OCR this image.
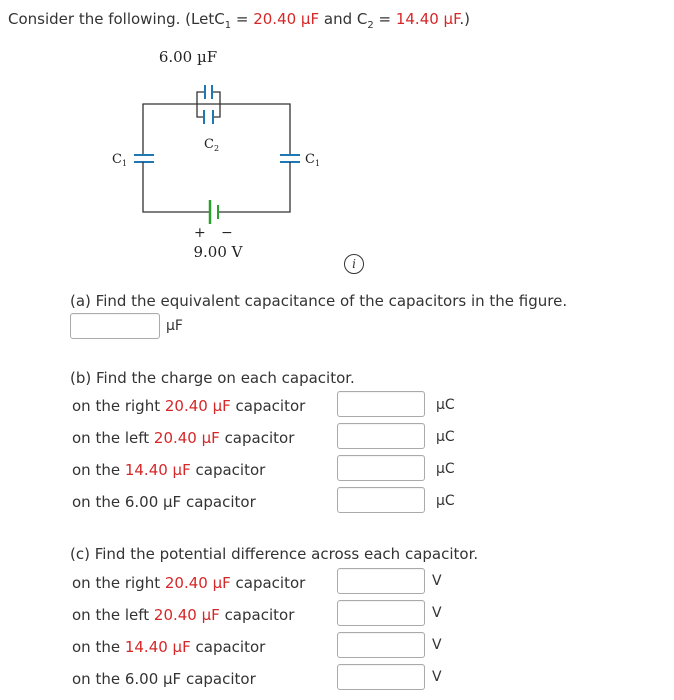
Consider the following. (LetC$_1$ = 20.40 µF and $C_2 = 14.40$ µF.)
6.00 µF
$C_2$
$C_1$	$C_1$
+ −
9.00 V
i
(a) Find the equivalent capacitance of the capacitors in the figure.
µF
(b) Find the charge on each capacitor.
on the right 20.40 µF capacitor	µC
on the left 20.40 µF capacitor	µC
on the 14.40 µF capacitor	µC
on the 6.00 µF capacitor	µC
(c) Find the potential difference across each capacitor.
on the right 20.40 µF capacitor	V
on the left 20.40 µF capacitor	V
on the 14.40 µF capacitor	V
on the 6.00 µF capacitor	V
